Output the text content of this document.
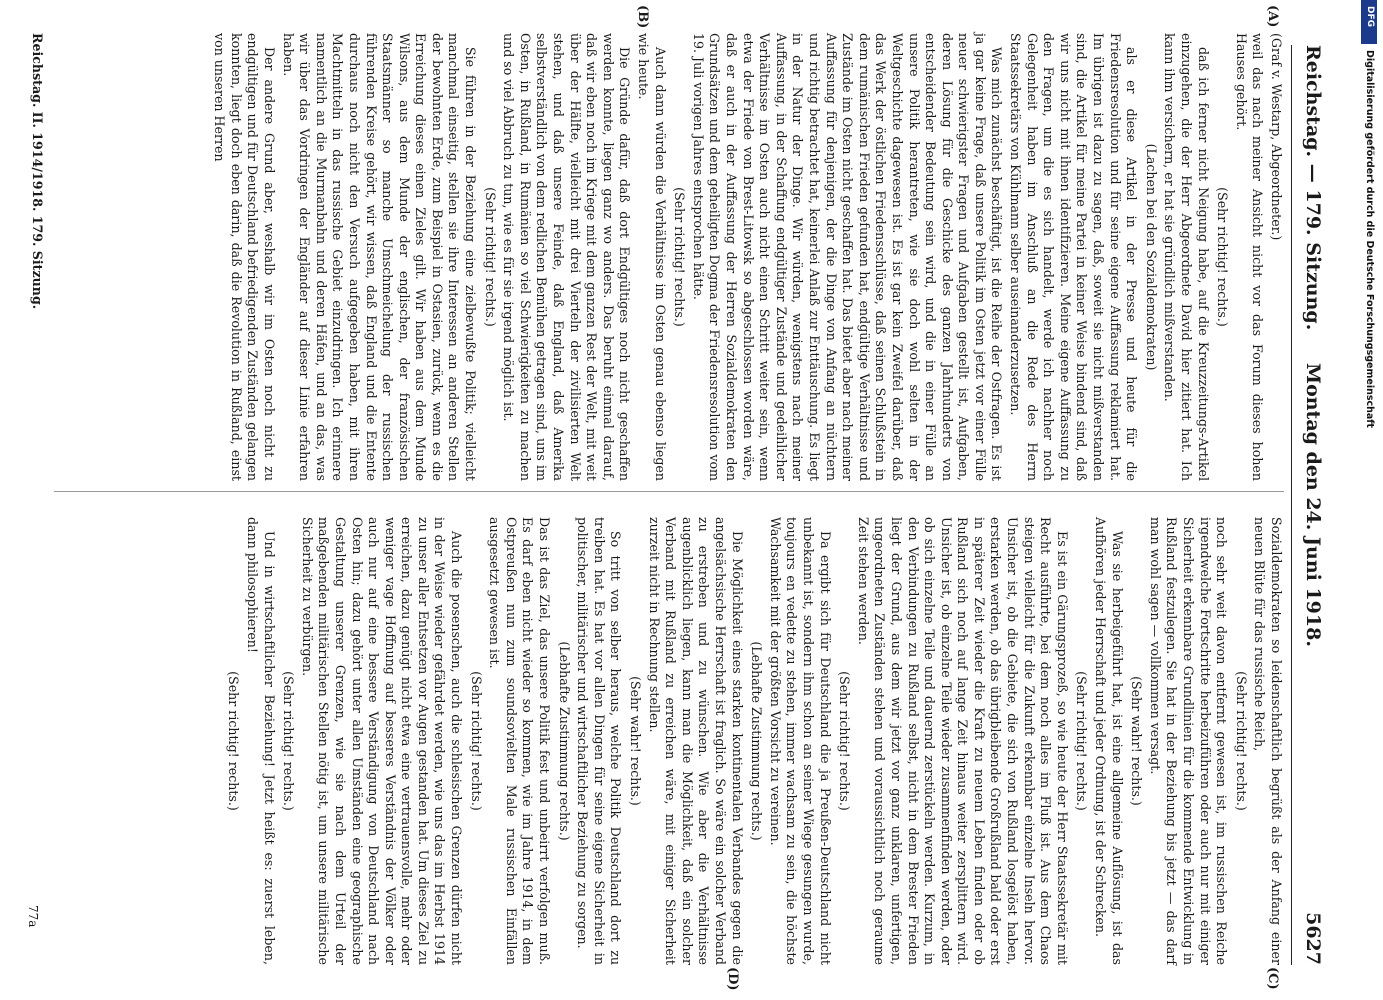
Reichstag. — 179. Sitzung.
Montag den 24. Juni 1918.
5627
(A)
(B)
(C)
(D)

(Graf v. Westarp, Abgeordneter.)

weil das nach meiner Ansicht nicht vor das Forum dieses hohen Hauses gehört.

(Sehr richtig! rechts.)

daß ich ferner nicht Neigung habe, auf die Kreuzzeitungs-Artikel einzugehen, die der Herr Abgeordnete David hier zitiert hat. Ich kann ihm versichern, er hat sie gründlich mißverstanden.

(Lachen bei den Sozialdemokraten)

als er diese Artikel in der Presse und heute für die Friedensresolution und für seine eigene Auffassung reklamiert hat. Im übrigen ist dazu zu sagen, daß, soweit sie nicht mißverstanden sind, die Artikel für meine Partei in keiner Weise bindend sind, daß wir uns nicht mit ihnen identifizieren. Meine eigene Auffassung zu den Fragen, um die es sich handelt, werde ich nachher noch Gelegenheit haben im Anschluß an die Rede des Herrn Staatssekretärs von Kühlmann selber auseinanderzusetzen.

Was mich zunächst beschäftigt, ist die Reihe der Ostfragen. Es ist ja gar keine Frage, daß unsere Politik im Osten jetzt vor einer Fülle neuer schwierigster Fragen und Aufgaben gestellt ist, Aufgaben, deren Lösung für die Geschicke des ganzen Jahrhunderts von entscheidender Bedeutung sein wird, und die in einer Fülle an unsere Politik herantreten, wie sie doch wohl selten in der Weltgeschichte dagewesen ist. Es ist gar kein Zweifel darüber, daß das Werk der östlichen Friedensschlüsse, daß seinen Schlußstein in dem rumänischen Frieden gefunden hat, endgültige Verhältnisse und Zustände im Osten nicht geschaffen hat. Das bietet aber nach meiner Auffassung für denjenigen, der die Dinge von Anfang an nüchtern und richtig betrachtet hat, keinerlei Anlaß zur Enttäuschung. Es liegt in der Natur der Dinge. Wir würden, wenigstens nach meiner Auffassung, in der Schaffung endgültiger Zustände und gedeihlicher Verhältnisse im Osten auch nicht einen Schritt weiter sein, wenn etwa der Friede von Brest-Litowsk so abgeschlossen worden wäre, daß er auch in der Auffassung der Herren Sozialdemokraten den Grundsätzen und dem geheiligten Dogma der Friedensresolution vom 19. Juli vorigen Jahres entsprochen hätte.

(Sehr richtig! rechts.)

Auch dann würden die Verhältnisse im Osten genau ebenso liegen wie heute.

Die Gründe dafür, daß dort Endgültiges noch nicht geschaffen werden konnte, liegen ganz wo anders. Das beruht einmal darauf, daß wir eben noch im Kriege mit dem ganzen Rest der Welt, mit weit über der Hälfte, vielleicht mit drei Vierteln der zivilisierten Welt stehen, und daß unsere Feinde, daß England, daß Amerika selbstverständlich von dem redlichen Bemühen getragen sind, uns im Osten, in Rußland, in Rumänien so viel Schwierigkeiten zu machen und so viel Abbruch zu tun, wie es für sie irgend möglich ist.

(Sehr richtig! rechts.)

Sie führen in der Beziehung eine zielbewußte Politik; vielleicht manchmal einseitig, stellen sie ihre Interessen an anderen Stellen der bewohnten Erde, zum Beispiel in Ostasien, zurück, wenn es die Erreichung dieses einen Zieles gilt. Wir haben aus dem Munde Wilsons, aus dem Munde der englischen, der französischen Staatsmänner so manche Umschmeichelung der russischen führenden Kreise gehört, wir wissen, daß England und die Entente durchaus noch nicht den Versuch aufgegeben haben, mit ihren Machtmitteln in das russische Gebiet einzudringen. Ich erinnere namentlich an die Murmanbahn und deren Häfen, und an das, was wir über das Vordringen der Engländer auf dieser Linie erfahren haben.

Der andere Grund aber, weshalb wir im Osten noch nicht zu endgültigen und für Deutschland befriedigenden Zuständen gelangen konnten, liegt doch eben darin, daß die Revolution in Rußland, einst von unseren Herren

Sozialdemokraten so leidenschaftlich begrüßt als der Anfang einer neuen Blüte für das russische Reich,

(Sehr richtig! rechts.)

noch sehr weit davon entfernt gewesen ist, im russischen Reiche irgendwelche Fortschritte herbeizuführen oder auch nur mit einiger Sicherheit erkennbare Grundlinien für die kommende Entwicklung in Rußland festzulegen. Sie hat in der Beziehung bis jetzt — das darf man wohl sagen — vollkommen versagt.

(Sehr wahr! rechts.)

Was sie herbeigeführt hat, ist eine allgemeine Auflösung, ist das Aufhören jeder Herrschaft und jeder Ordnung, ist der Schrecken.

(Sehr richtig! rechts.)

Es ist ein Gärungsprozeß, so wie heute der Herr Staatssekretär mit Recht ausführte, bei dem noch alles im Fluß ist. Aus dem Chaos steigen vielleicht für die Zukunft erkennbar einzelne Inseln hervor. Unsicher ist, ob die Gebiete, die sich von Rußland losgelöst haben, erstarken werden, ob das übrigbleibende Großrußland bald oder erst in späterer Zeit wieder die Kraft zu neuem Leben finden oder ob Rußland sich noch auf lange Zeit hinaus weiter zersplittern wird. Unsicher ist, ob einzelne Teile wieder zusammenfinden werden, oder ob sich einzelne Teile und dauernd zerstückeln werden. Kurzum, in den Verbindungen zu Rußland selbst, nicht in dem Brester Frieden liegt der Grund, aus dem wir jetzt vor ganz unklaren, unfertigen, ungeordneten Zuständen stehen und voraussichtlich noch geraume Zeit stehen werden.

(Sehr richtig! rechts.)

Da ergibt sich für Deutschland die ja Preußen-Deutschland nicht unbekannt ist, sondern ihm schon an seiner Wiege gesungen wurde, toujours en vedette zu stehen, immer wachsam zu sein, die höchste Wachsamkeit mit der größten Vorsicht zu vereinen.

(Lebhafte Zustimmung rechts.)

Die Möglichkeit eines starken kontinentalen Verbandes gegen die angelsächsische Herrschaft ist fraglich. So wäre ein solcher Verband zu erstreben und zu wünschen. Wie aber die Verhältnisse augenblicklich liegen, kann man die Möglichkeit, daß ein solcher Verband mit Rußland zu erreichen wäre, mit einiger Sicherheit zurzeit nicht in Rechnung stellen.

(Sehr wahr! rechts.)

So tritt von selber heraus, welche Politik Deutschland dort zu treiben hat. Es hat vor allen Dingen für seine eigene Sicherheit in politischer, militärischer und wirtschaftlicher Beziehung zu sorgen.

(Lebhafte Zustimmung rechts.)

Das ist das Ziel, das unsere Politik fest und unbeirrt verfolgen muß. Es darf eben nicht wieder so kommen, wie im Jahre 1914, in dem Ostpreußen nun zum soundsovielten Male russischen Einfällen ausgesetzt gewesen ist.

(Sehr richtig! rechts.)

Auch die posenschen, auch die schlesischen Grenzen dürfen nicht in der Weise wieder gefährdet werden, wie uns das im Herbst 1914 zu unser aller Entsetzen vor Augen gestanden hat. Um dieses Ziel zu erreichen, dazu genügt nicht etwa eine vertrauensvolle, mehr oder weniger vage Hoffnung auf besseres Verständnis der Völker oder auch nur auf eine bessere Verständigung von Deutschland nach Osten hin; dazu gehört unter allen Umständen eine geographische Gestaltung unserer Grenzen, wie sie nach dem Urteil der maßgebenden militärischen Stellen nötig ist, um unsere militärische Sicherheit zu verbürgen.

(Sehr richtig! rechts.)

Und in wirtschaftlicher Beziehung! Jetzt heißt es: zuerst leben, dann philosophieren!

(Sehr richtig! rechts.)

Reichstag. II. 1914/1918. 179. Sitzung.
77a
DFG
Digitalisierung gefördert durch die Deutsche Forschungsgemeinschaft
